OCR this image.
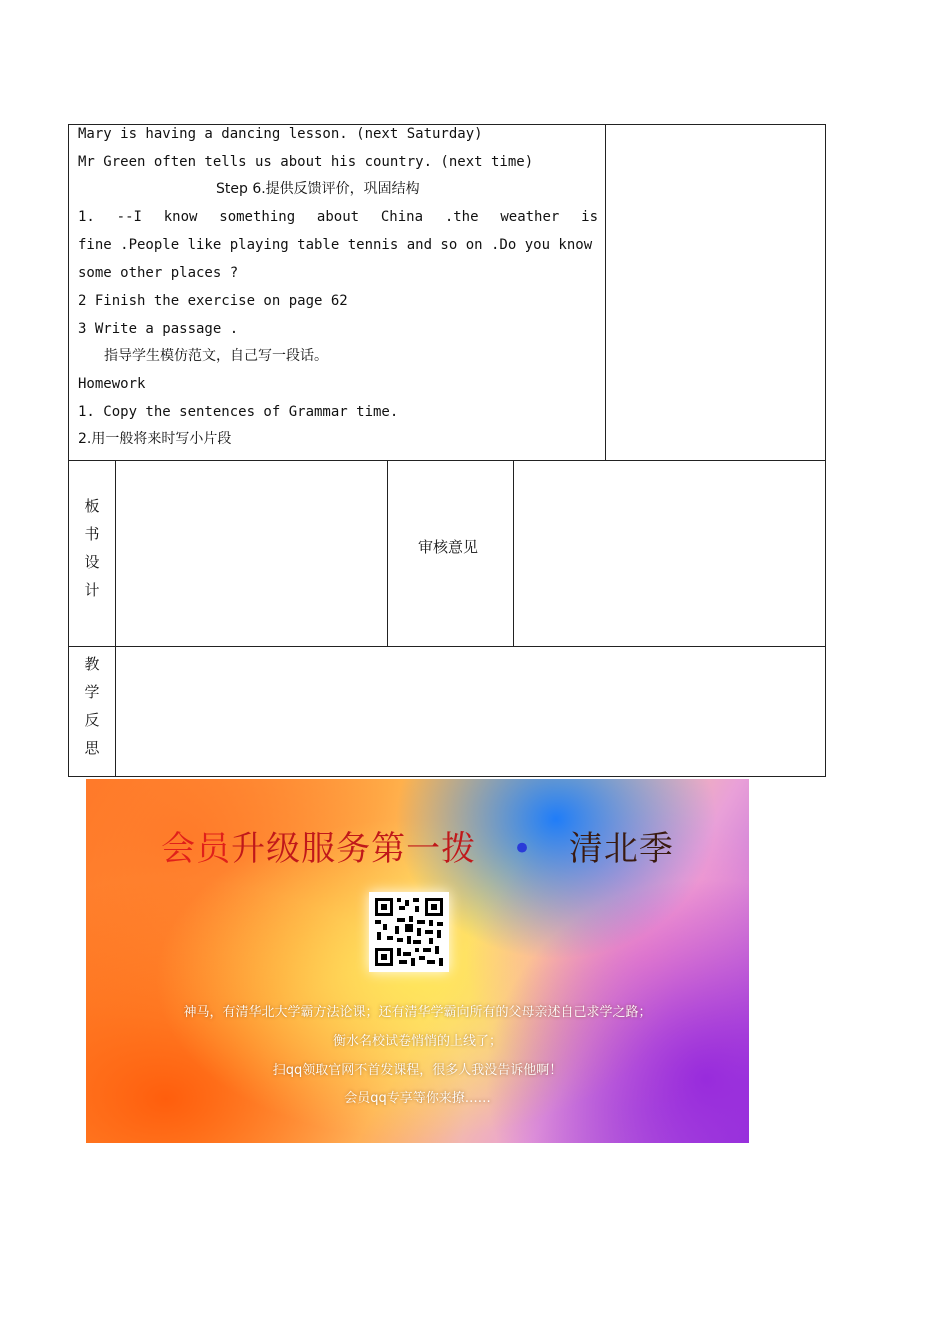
Mary is having a dancing lesson. (next Saturday)
Mr Green often tells us about his country. (next time)
Step 6.提供反馈评价，巩固结构
1. --I know something about China .the weather is
fine .People like playing table tennis and so on .Do you know
some other places ?
2 Finish the exercise on page 62
3 Write a passage .
指导学生模仿范文，自己写一段话。
Homework
1. Copy the sentences of Grammar time.
2.用一般将来时写小片段
板
书
设
计
审核意见
教
学
反
思
会员升级服务第一拨 • 清北季
神马，有清华北大学霸方法论课；还有清华学霸向所有的父母亲述自己求学之路；
衡水名校试卷悄悄的上线了；
扫qq领取官网不首发课程，很多人我没告诉他啊！
会员qq专享等你来撩……
